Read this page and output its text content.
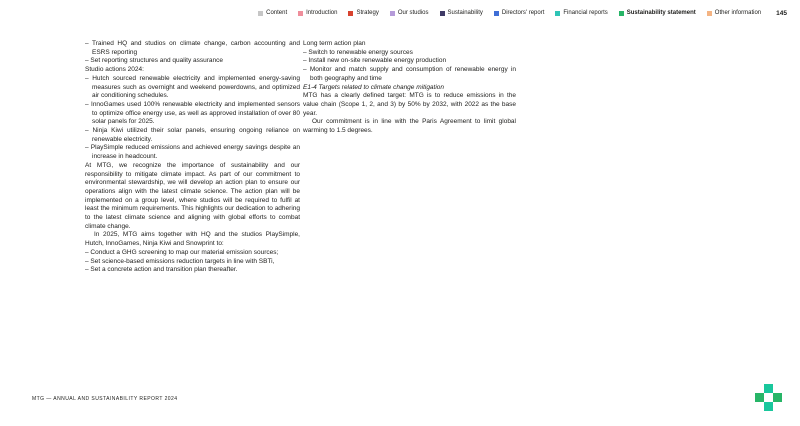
Content	Introduction	Strategy	Our studios	Sustainability	Directors' report	Financial reports	Sustainability statement	Other information 145

– Trained HQ and studios on climate change, carbon accounting and ESRS reporting

– Set reporting structures and quality assurance

Studio actions 2024:

– Hutch sourced renewable electricity and implemented energy-saving measures such as overnight and weekend powerdowns, and optimized air conditioning schedules.

– InnoGames used 100% renewable electricity and implemented sensors to optimize office energy use, as well as approved installation of over 80 solar panels for 2025.

– Ninja Kiwi utilized their solar panels, ensuring ongoing reliance on renewable electricity.

– PlaySimple reduced emissions and achieved energy savings despite an increase in headcount.

At MTG, we recognize the importance of sustainability and our responsibility to mitigate climate impact. As part of our commitment to environmental stewardship, we will develop an action plan to ensure our operations align with the latest climate science. The action plan will be implemented on a group level, where studios will be required to fulfil at least the minimum requirements. This highlights our dedication to adhering to the latest climate science and aligning with global efforts to combat climate change.

In 2025, MTG aims together with HQ and the studios PlaySimple, Hutch, InnoGames, Ninja Kiwi and Snowprint to:

– Conduct a GHG screening to map our material emission sources;

– Set science-based emissions reduction targets in line with SBTi,

– Set a concrete action and transition plan thereafter.

Long term action plan

– Switch to renewable energy sources

– Install new on-site renewable energy production

– Monitor and match supply and consumption of renewable energy in both geography and time

E1-4 Targets related to climate change mitigation

MTG has a clearly defined target: MTG is to reduce emissions in the value chain (Scope 1, 2, and 3) by 50% by 2032, with 2022 as the base year.

Our commitment is in line with the Paris Agreement to limit global warming to 1.5 degrees.

MTG — ANNUAL AND SUSTAINABILITY REPORT 2024
